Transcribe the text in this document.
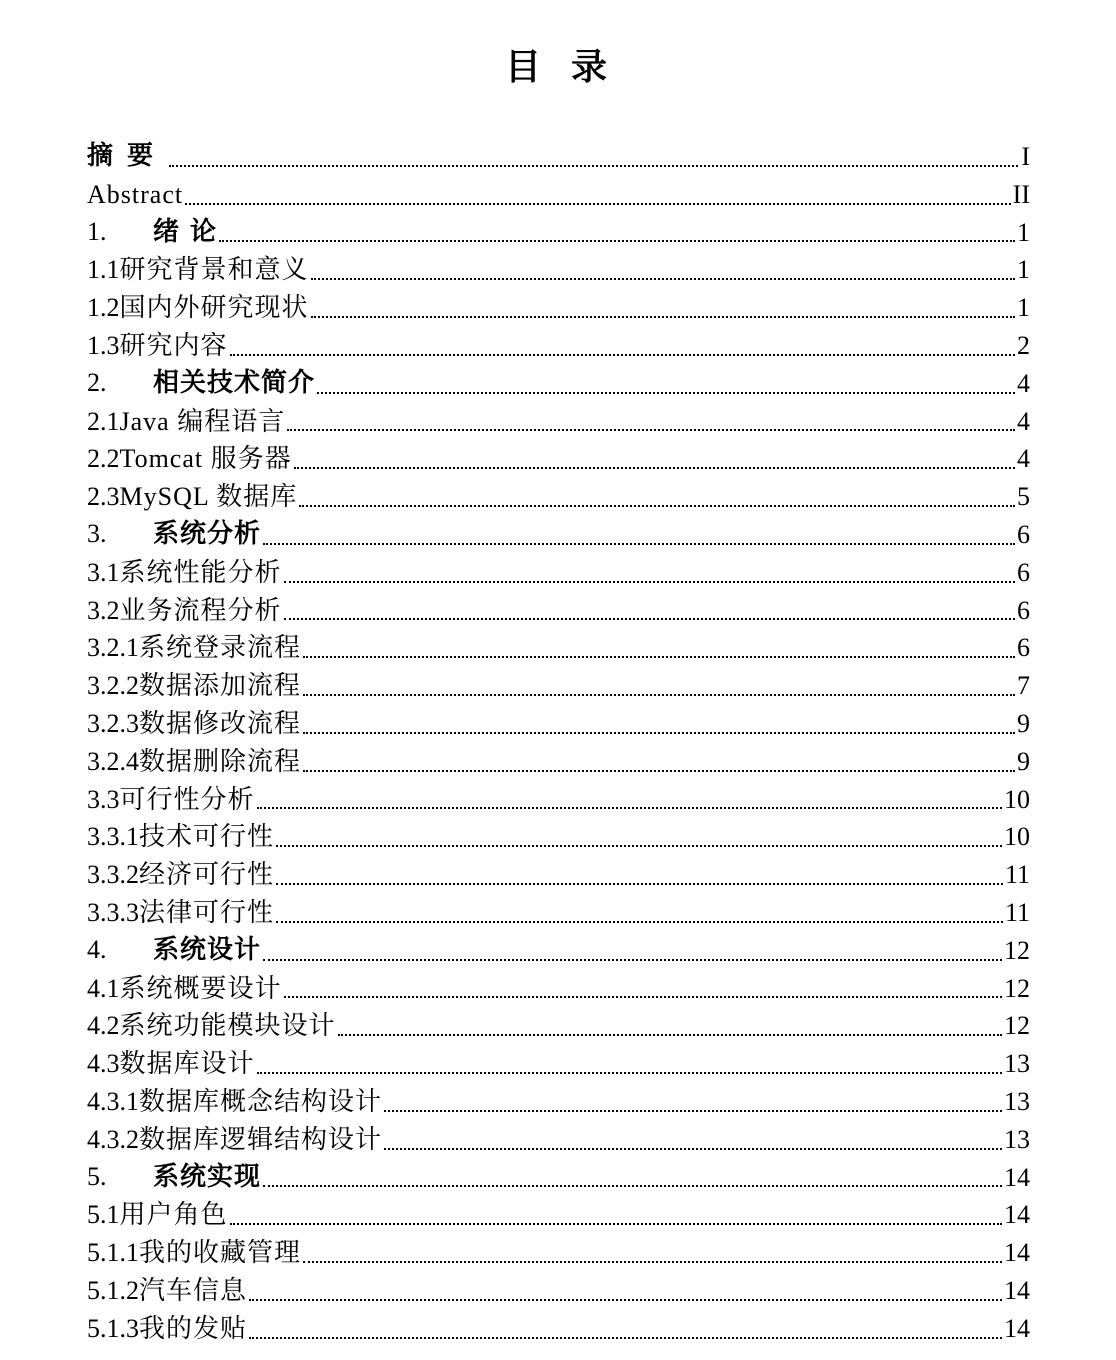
目 录
摘要	I
Abstract	II
1. 绪 论	1
1.1研究背景和意义	1
1.2国内外研究现状	1
1.3研究内容	2
2. 相关技术简介	4
2.1Java 编程语言	4
2.2Tomcat 服务器	4
2.3MySQL 数据库	5
3. 系统分析	6
3.1系统性能分析	6
3.2业务流程分析	6
3.2.1系统登录流程	6
3.2.2数据添加流程	7
3.2.3数据修改流程	9
3.2.4数据删除流程	9
3.3可行性分析	10
3.3.1技术可行性	10
3.3.2经济可行性	11
3.3.3法律可行性	11
4. 系统设计	12
4.1系统概要设计	12
4.2系统功能模块设计	12
4.3数据库设计	13
4.3.1数据库概念结构设计	13
4.3.2数据库逻辑结构设计	13
5. 系统实现	14
5.1用户角色	14
5.1.1我的收藏管理	14
5.1.2汽车信息	14
5.1.3我的发贴	14
